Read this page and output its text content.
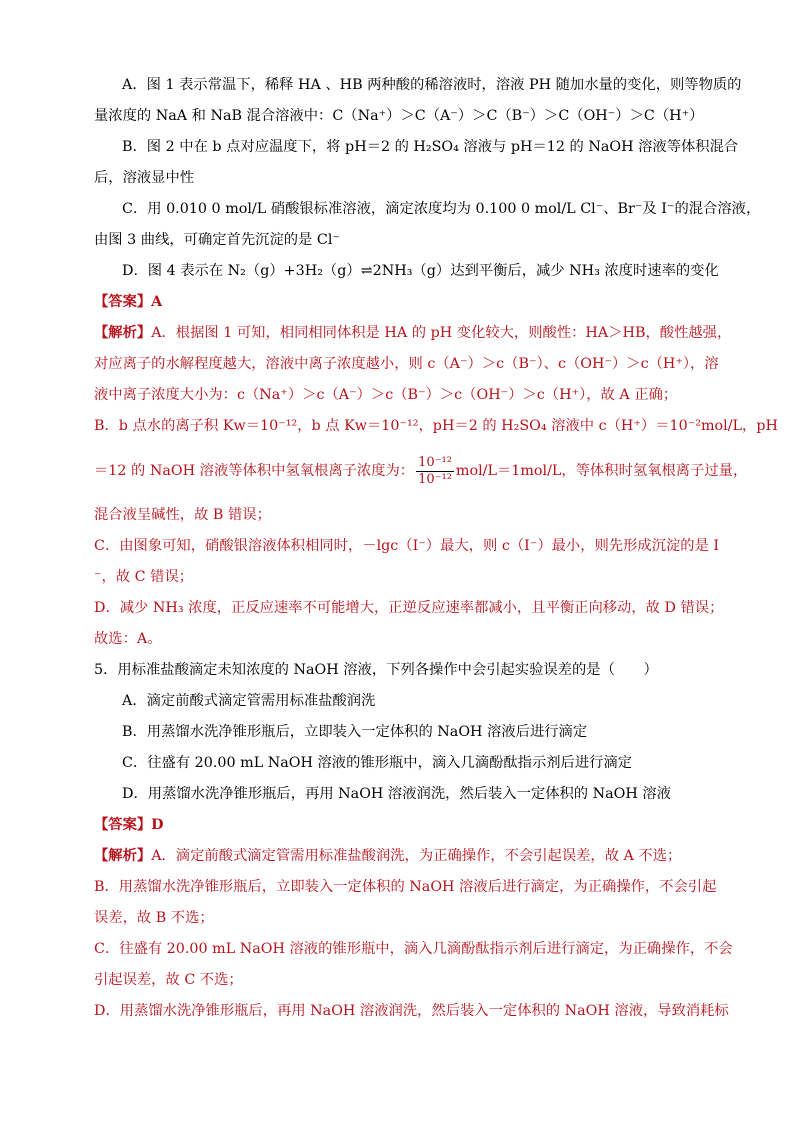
A．图 1 表示常温下，稀释 HA 、HB 两种酸的稀溶液时，溶液 PH 随加水量的变化，则等物质的
量浓度的 NaA 和 NaB 混合溶液中：C（Na⁺）＞C（A⁻）＞C（B⁻）＞C（OH⁻）＞C（H⁺）
B．图 2 中在 b 点对应温度下，将 pH＝2 的 H₂SO₄ 溶液与 pH＝12 的 NaOH 溶液等体积混合
后，溶液显中性
C．用 0.010 0 mol/L 硝酸银标准溶液，滴定浓度均为 0.100 0 mol/L Cl⁻、Br⁻及 I⁻的混合溶液，
由图 3 曲线，可确定首先沉淀的是 Cl⁻
D．图 4 表示在 N₂（g）+3H₂（g）⇌2NH₃（g）达到平衡后，减少 NH₃ 浓度时速率的变化
【答案】A
【解析】A．根据图 1 可知，相同相同体积是 HA 的 pH 变化较大，则酸性：HA＞HB，酸性越强，
对应离子的水解程度越大，溶液中离子浓度越小，则 c（A⁻）＞c（B⁻）、c（OH⁻）＞c（H⁺），溶
液中离子浓度大小为：c（Na⁺）＞c（A⁻）＞c（B⁻）＞c（OH⁻）＞c（H⁺），故 A 正确；
B．b 点水的离子积 Kw＝10⁻¹²，b 点 Kw＝10⁻¹²，pH＝2 的 H₂SO₄ 溶液中 c（H⁺）＝10⁻²mol/L，pH
＝12 的 NaOH 溶液等体积中氢氧根离子浓度为： $\frac{\text{10⁻¹²}}{\text{10⁻¹²}} mol/L=1mol/L$，等体积时氢氧根离子过量，
混合液呈碱性，故 B 错误；
C．由图象可知，硝酸银溶液体积相同时，－lgc（I⁻）最大，则 c（I⁻）最小，则先形成沉淀的是 I
⁻，故 C 错误；
D．减少 NH₃ 浓度，正反应速率不可能增大，正逆反应速率都减小，且平衡正向移动，故 D 错误；
故选：A。
5．用标准盐酸滴定未知浓度的 NaOH 溶液，下列各操作中会引起实验误差的是（　　）
A．滴定前酸式滴定管需用标准盐酸润洗
B．用蒸馏水洗净锥形瓶后，立即装入一定体积的 NaOH 溶液后进行滴定
C．往盛有 20.00 mL NaOH 溶液的锥形瓶中，滴入几滴酚酞指示剂后进行滴定
D．用蒸馏水洗净锥形瓶后，再用 NaOH 溶液润洗，然后装入一定体积的 NaOH 溶液
【答案】D
【解析】A．滴定前酸式滴定管需用标准盐酸润洗，为正确操作，不会引起误差，故 A 不选；
B．用蒸馏水洗净锥形瓶后，立即装入一定体积的 NaOH 溶液后进行滴定，为正确操作，不会引起
误差，故 B 不选；
C．往盛有 20.00 mL NaOH 溶液的锥形瓶中，滴入几滴酚酞指示剂后进行滴定，为正确操作，不会
引起误差，故 C 不选；
D．用蒸馏水洗净锥形瓶后，再用 NaOH 溶液润洗，然后装入一定体积的 NaOH 溶液，导致消耗标
